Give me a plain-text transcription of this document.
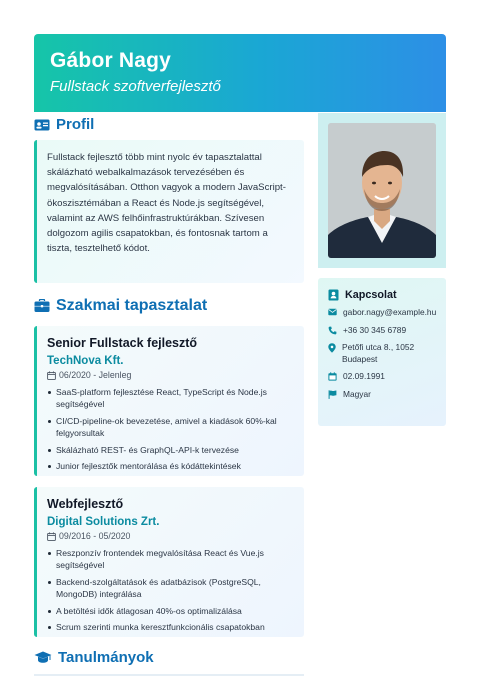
Gábor Nagy
Fullstack szoftverfejlesztő
Profil

Fullstack fejlesztő több mint nyolc év tapasztalattal skálázható webalkalmazások tervezésében és megvalósításában. Otthon vagyok a modern JavaScript-ökoszisztémában a React és Node.js segítségével, valamint az AWS felhőinfrastruktúrákban. Szívesen dolgozom agilis csapatokban, és fontosnak tartom a tiszta, tesztelhető kódot.

Szakmai tapasztalat
Senior Fullstack fejlesztő
TechNova Kft.
06/2020 - Jelenleg
SaaS-platform fejlesztése React, TypeScript és Node.js segítségével
CI/CD-pipeline-ok bevezetése, amivel a kiadások 60%-kal felgyorsultak
Skálázható REST- és GraphQL-API-k tervezése
Junior fejlesztők mentorálása és kódáttekintések
Webfejlesztő
Digital Solutions Zrt.
09/2016 - 05/2020
Reszponzív frontendek megvalósítása React és Vue.js segítségével
Backend-szolgáltatások és adatbázisok (PostgreSQL, MongoDB) integrálása
A betöltési idők átlagosan 40%-os optimalizálása
Scrum szerinti munka keresztfunkcionális csapatokban
Tanulmányok
Kapcsolat
gabor.nagy@example.hu
+36 30 345 6789
Petőfi utca 8., 1052 Budapest
02.09.1991
Magyar
